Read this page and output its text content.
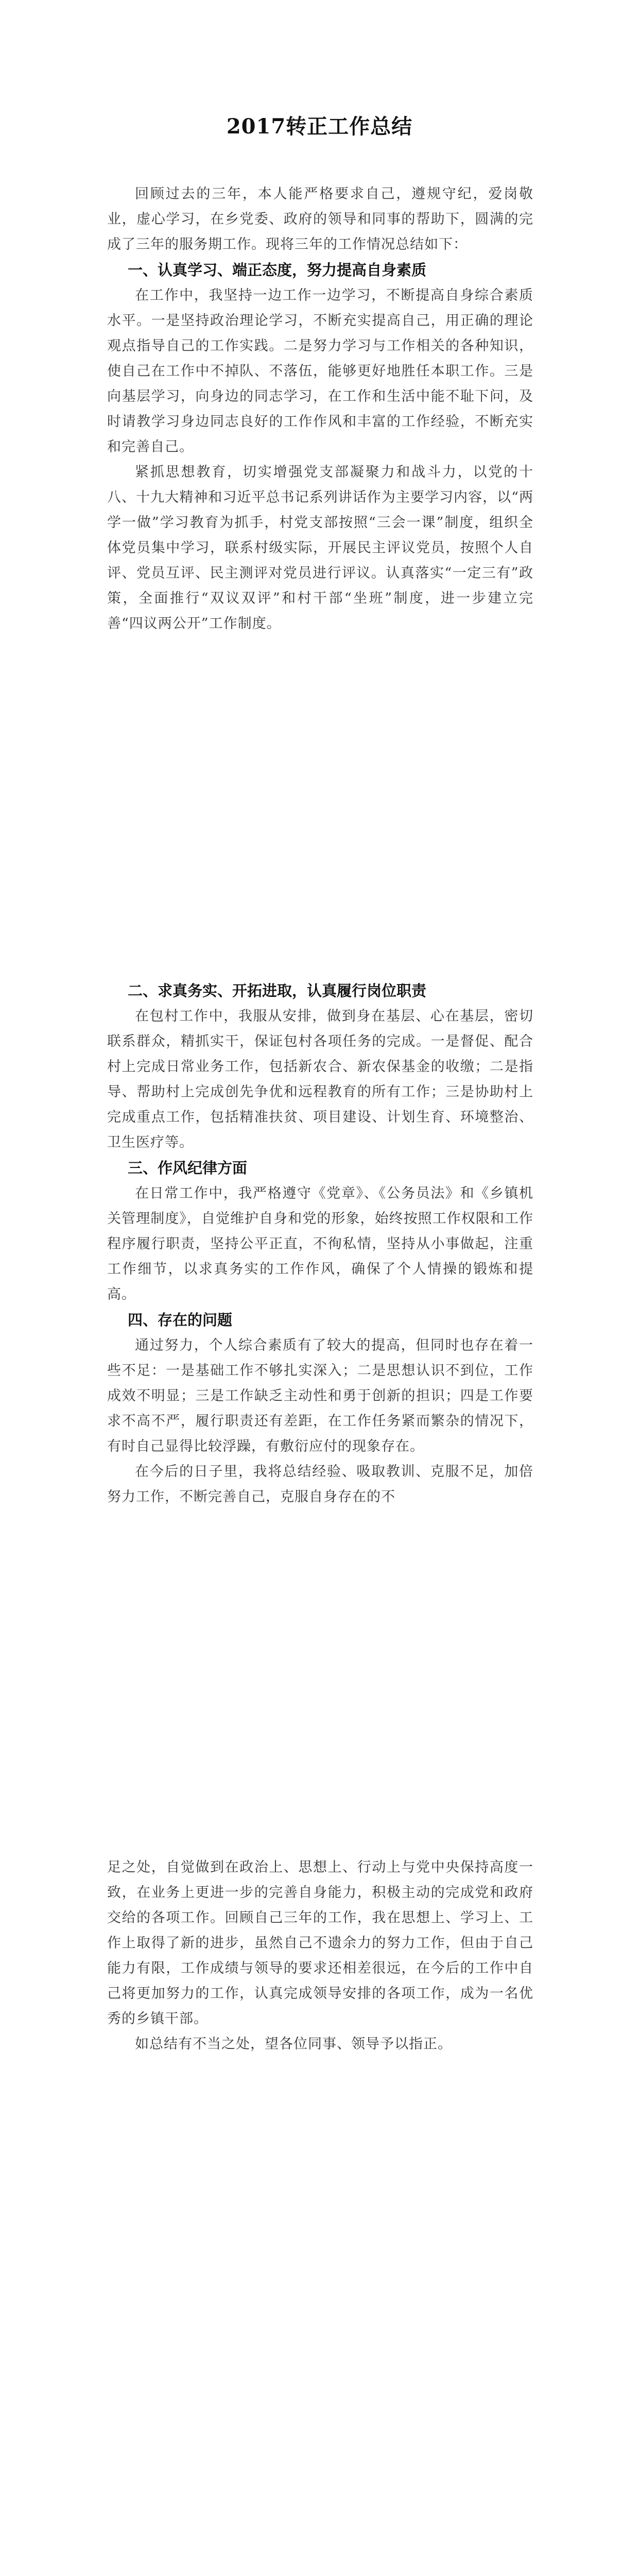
2017转正工作总结

回顾过去的三年，本人能严格要求自己，遵规守纪，爱岗敬业，虚心学习，在乡党委、政府的领导和同事的帮助下，圆满的完成了三年的服务期工作。现将三年的工作情况总结如下：

一、认真学习、端正态度，努力提高自身素质

在工作中，我坚持一边工作一边学习，不断提高自身综合素质水平。一是坚持政治理论学习，不断充实提高自己，用正确的理论观点指导自己的工作实践。二是努力学习与工作相关的各种知识，使自己在工作中不掉队、不落伍，能够更好地胜任本职工作。三是向基层学习，向身边的同志学习，在工作和生活中能不耻下问，及时请教学习身边同志良好的工作作风和丰富的工作经验，不断充实和完善自己。

紧抓思想教育，切实增强党支部凝聚力和战斗力，以党的十八、十九大精神和习近平总书记系列讲话作为主要学习内容，以“两学一做”学习教育为抓手，村党支部按照“三会一课”制度，组织全体党员集中学习，联系村级实际，开展民主评议党员，按照个人自评、党员互评、民主测评对党员进行评议。认真落实“一定三有”政策，全面推行“双议双评”和村干部“坐班”制度，进一步建立完善“四议两公开”工作制度。

二、求真务实、开拓进取，认真履行岗位职责

在包村工作中，我服从安排，做到身在基层、心在基层，密切联系群众，精抓实干，保证包村各项任务的完成。一是督促、配合村上完成日常业务工作，包括新农合、新农保基金的收缴；二是指导、帮助村上完成创先争优和远程教育的所有工作；三是协助村上完成重点工作，包括精准扶贫、项目建设、计划生育、环境整治、卫生医疗等。

三、作风纪律方面

在日常工作中，我严格遵守《党章》、《公务员法》和《乡镇机关管理制度》，自觉维护自身和党的形象，始终按照工作权限和工作程序履行职责，坚持公平正直，不徇私情，坚持从小事做起，注重工作细节，以求真务实的工作作风，确保了个人情操的锻炼和提高。

四、存在的问题

通过努力，个人综合素质有了较大的提高，但同时也存在着一些不足：一是基础工作不够扎实深入；二是思想认识不到位，工作成效不明显；三是工作缺乏主动性和勇于创新的担识；四是工作要求不高不严，履行职责还有差距，在工作任务紧而繁杂的情况下，有时自己显得比较浮躁，有敷衍应付的现象存在。

在今后的日子里，我将总结经验、吸取教训、克服不足，加倍努力工作，不断完善自己，克服自身存在的不

足之处，自觉做到在政治上、思想上、行动上与党中央保持高度一致，在业务上更进一步的完善自身能力，积极主动的完成党和政府交给的各项工作。回顾自己三年的工作，我在思想上、学习上、工作上取得了新的进步，虽然自己不遗余力的努力工作，但由于自己能力有限，工作成绩与领导的要求还相差很远，在今后的工作中自己将更加努力的工作，认真完成领导安排的各项工作，成为一名优秀的乡镇干部。

如总结有不当之处，望各位同事、领导予以指正。
